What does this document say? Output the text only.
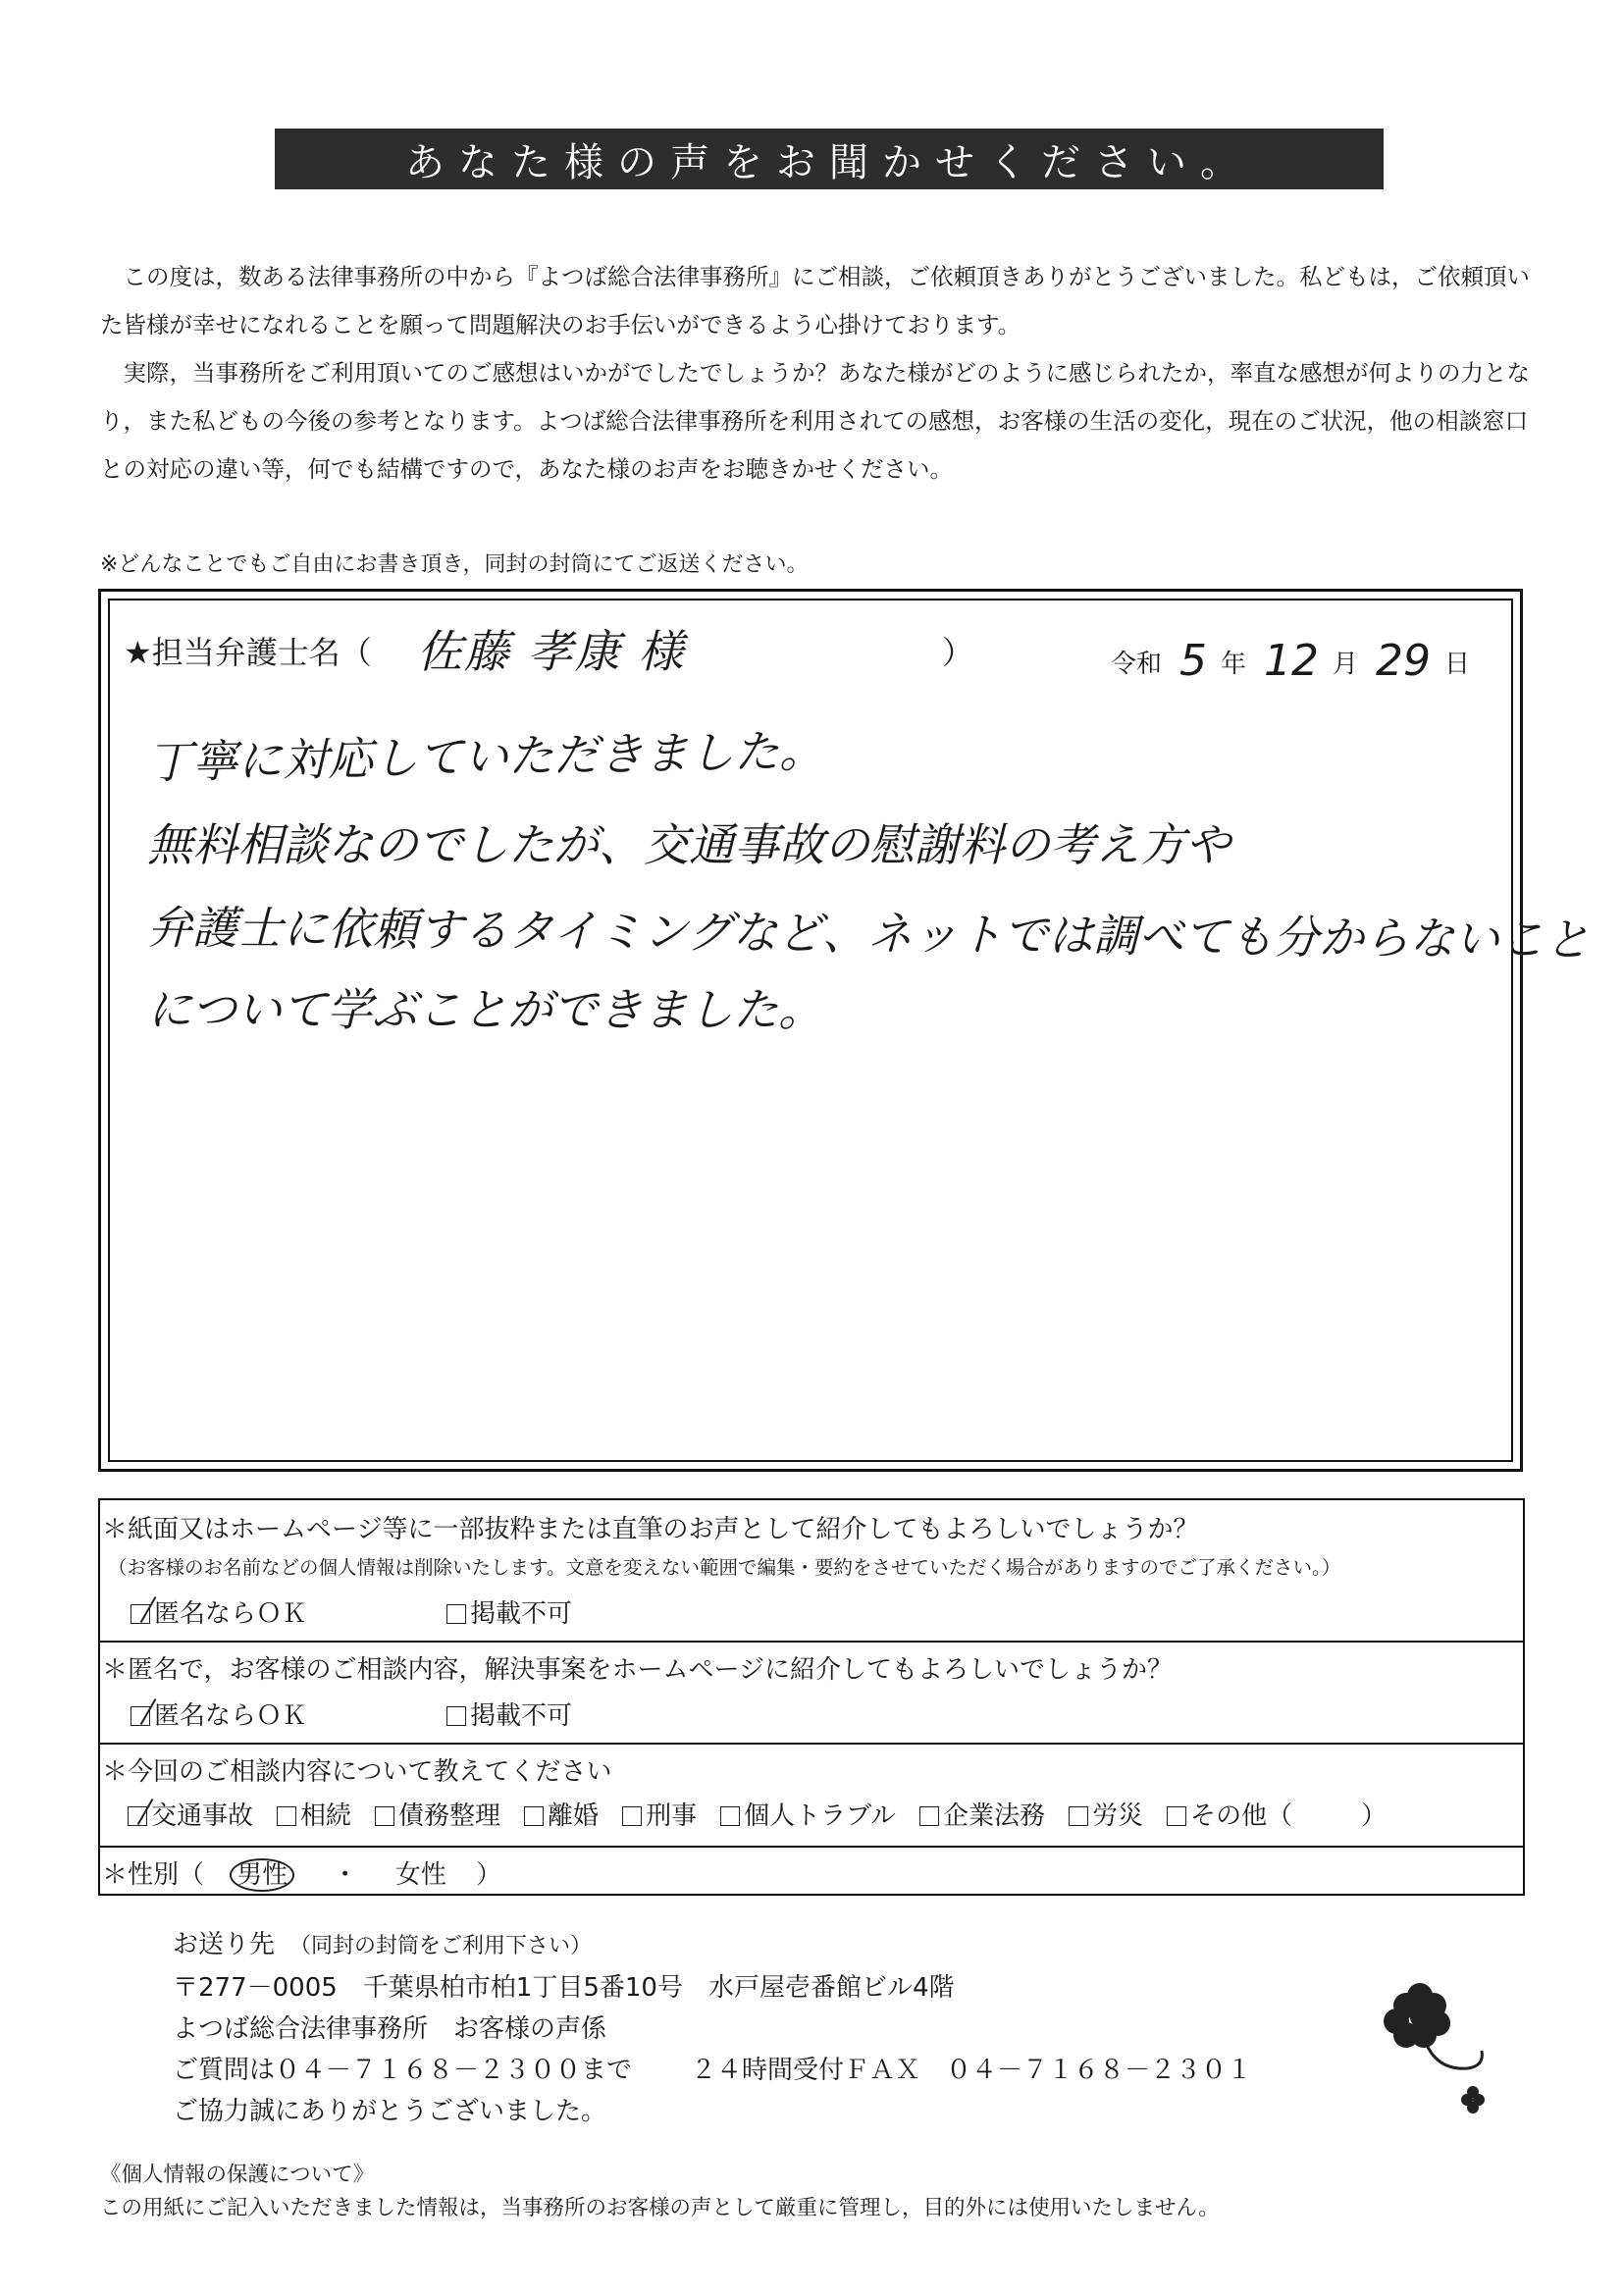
あなた様の声をお聞かせください。

この度は，数ある法律事務所の中から『よつば総合法律事務所』にご相談，ご依頼頂きありがとうございました。私どもは，ご依頼頂いた皆様が幸せになれることを願って問題解決のお手伝いができるよう心掛けております。

実際，当事務所をご利用頂いてのご感想はいかがでしたでしょうか？あなた様がどのように感じられたか，率直な感想が何よりの力となり，また私どもの今後の参考となります。よつば総合法律事務所を利用されての感想，お客様の生活の変化，現在のご状況，他の相談窓口との対応の違い等，何でも結構ですので，あなた様のお声をお聴きかせください。

※どんなことでもご自由にお書き頂き，同封の封筒にてご返送ください。
★担当弁護士名（ 佐藤 孝康 様	）	令和 5 年 12 月 29 日
丁寧に対応していただきました。
無料相談なのでしたが、交通事故の慰謝料の考え方や
弁護士に依頼するタイミングなど、ネットでは調べても分からないこと
について学ぶことができました。
＊紙面又はホームページ等に一部抜粋または直筆のお声として紹介してもよろしいでしょうか？
（お客様のお名前などの個人情報は削除いたします。文意を変えない範囲で編集・要約をさせていただく場合がありますのでご了承ください。）
匿名ならＯＫ	掲載不可
＊匿名で，お客様のご相談内容，解決事案をホームページに紹介してもよろしいでしょうか？
匿名ならＯＫ	掲載不可
＊今回のご相談内容について教えてください
交通事故	相続	債務整理	離婚	刑事	個人トラブル	企業法務	労災	その他（	）
＊性別（ 男性 ・ 女性 ）
お送り先　 （同封の封筒をご利用下さい）
〒277－0005　千葉県柏市柏1丁目5番10号　水戸屋壱番館ビル4階
よつば総合法律事務所　お客様の声係
ご質問は０４－７１６８－２３００まで ２４時間受付ＦＡＸ　０４－７１６８－２３０１
ご協力誠にありがとうございました。
《個人情報の保護について》
この用紙にご記入いただきました情報は，当事務所のお客様の声として厳重に管理し，目的外には使用いたしません。
